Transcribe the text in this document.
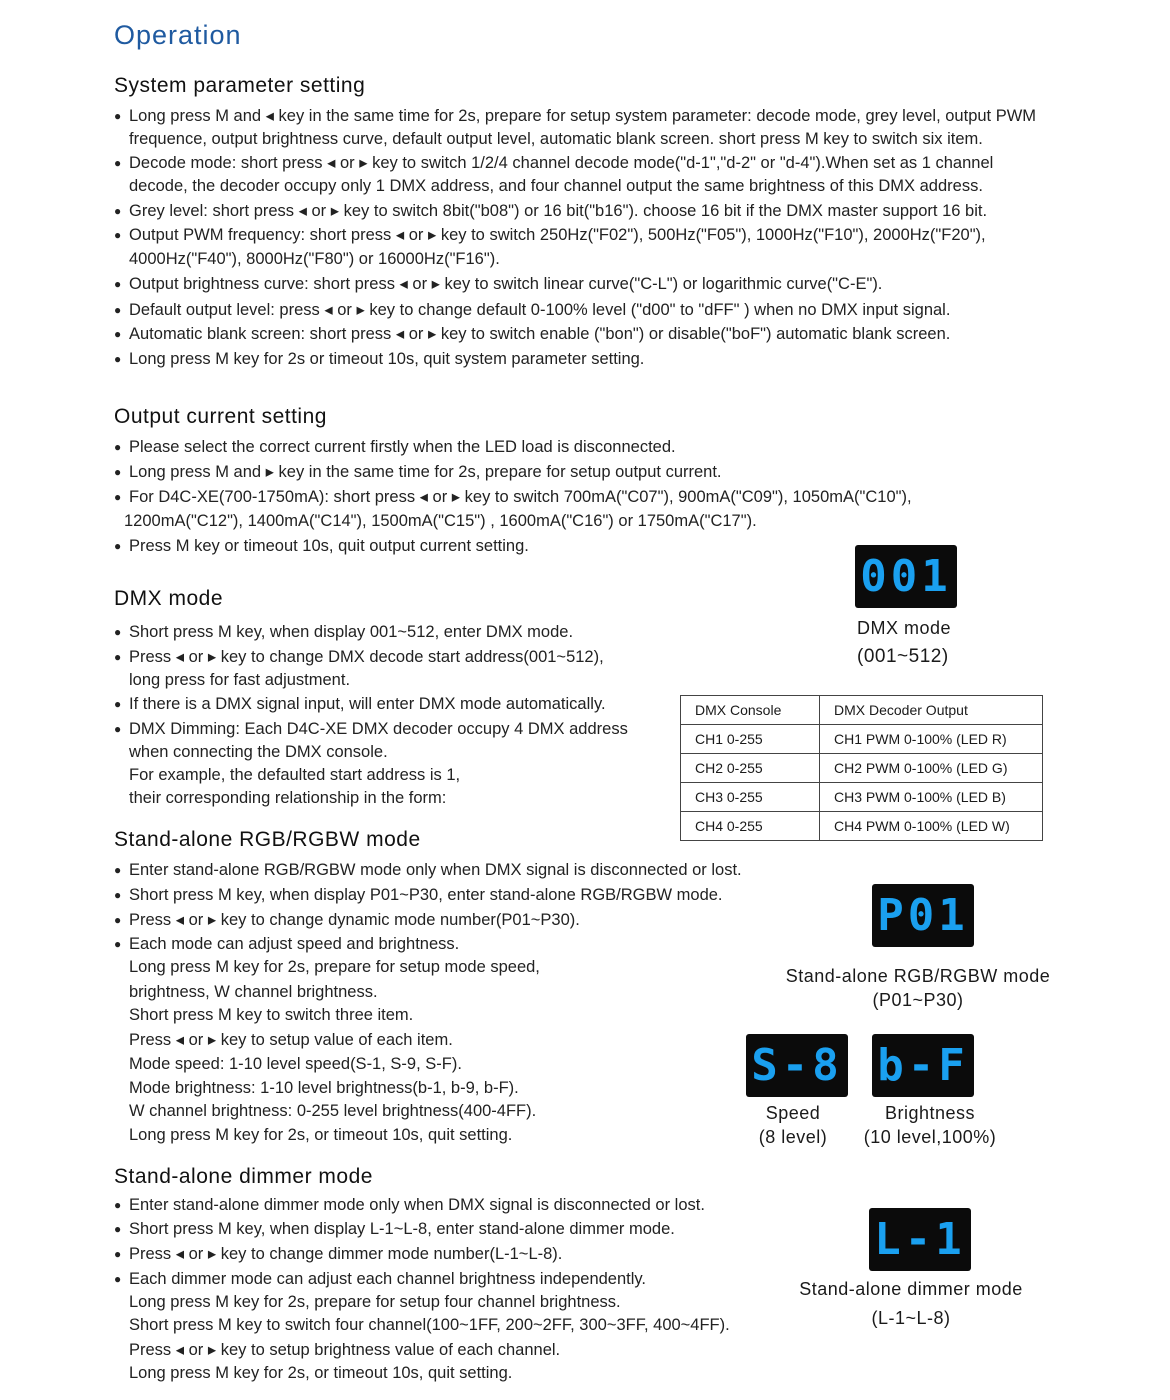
Operation
System parameter setting
● Long press M and ◂ key in the same time for 2s, prepare for setup system parameter: decode mode, grey level, output PWM
frequence, output brightness curve, default output level, automatic blank screen. short press M key to switch six item.
● Decode mode: short press ◂ or ▸ key to switch 1/2/4 channel decode mode("d-1","d-2" or "d-4").When set as 1 channel
decode, the decoder occupy only 1 DMX address, and four channel output the same brightness of this DMX address.
● Grey level: short press ◂ or ▸ key to switch 8bit("b08") or 16 bit("b16"). choose 16 bit if the DMX master support 16 bit.
● Output PWM frequency: short press ◂ or ▸ key to switch 250Hz("F02"), 500Hz("F05"), 1000Hz("F10"), 2000Hz("F20"),
4000Hz("F40"), 8000Hz("F80") or 16000Hz("F16").
● Output brightness curve: short press ◂ or ▸ key to switch linear curve("C-L") or logarithmic curve("C-E").
● Default output level: press ◂ or ▸ key to change default 0-100% level ("d00" to "dFF" ) when no DMX input signal.
● Automatic blank screen: short press ◂ or ▸ key to switch enable ("bon") or disable("boF") automatic blank screen.
● Long press M key for 2s or timeout 10s, quit system parameter setting.
Output current setting
● Please select the correct current firstly when the LED load is disconnected.
● Long press M and ▸ key in the same time for 2s, prepare for setup output current.
● For D4C-XE(700-1750mA): short press ◂ or ▸ key to switch 700mA("C07"), 900mA("C09"), 1050mA("C10"),
1200mA("C12"), 1400mA("C14"), 1500mA("C15") , 1600mA("C16") or 1750mA("C17").
● Press M key or timeout 10s, quit output current setting.
DMX mode
● Short press M key, when display 001~512, enter DMX mode.
● Press ◂ or ▸ key to change DMX decode start address(001~512),
long press for fast adjustment.
● If there is a DMX signal input, will enter DMX mode automatically.
● DMX Dimming: Each D4C-XE DMX decoder occupy 4 DMX address
when connecting the DMX console.
For example, the defaulted start address is 1,
their corresponding relationship in the form:
001
DMX mode
(001~512)
DMX Console	DMX Decoder Output
CH1 0-255	CH1 PWM 0-100% (LED R)
CH2 0-255	CH2 PWM 0-100% (LED G)
CH3 0-255	CH3 PWM 0-100% (LED B)
CH4 0-255	CH4 PWM 0-100% (LED W)
Stand-alone RGB/RGBW mode
● Enter stand-alone RGB/RGBW mode only when DMX signal is disconnected or lost.
● Short press M key, when display P01~P30, enter stand-alone RGB/RGBW mode.
● Press ◂ or ▸ key to change dynamic mode number(P01~P30).
● Each mode can adjust speed and brightness.
Long press M key for 2s, prepare for setup mode speed,
brightness, W channel brightness.
Short press M key to switch three item.
Press ◂ or ▸ key to setup value of each item.
Mode speed: 1-10 level speed(S-1, S-9, S-F).
Mode brightness: 1-10 level brightness(b-1, b-9, b-F).
W channel brightness: 0-255 level brightness(400-4FF).
Long press M key for 2s, or timeout 10s, quit setting.
P01
Stand-alone RGB/RGBW mode
(P01~P30)
S-8 b-F
Speed
(8 level)
Brightness
(10 level,100%)
Stand-alone dimmer mode
● Enter stand-alone dimmer mode only when DMX signal is disconnected or lost.
● Short press M key, when display L-1~L-8, enter stand-alone dimmer mode.
● Press ◂ or ▸ key to change dimmer mode number(L-1~L-8).
● Each dimmer mode can adjust each channel brightness independently.
Long press M key for 2s, prepare for setup four channel brightness.
Short press M key to switch four channel(100~1FF, 200~2FF, 300~3FF, 400~4FF).
Press ◂ or ▸ key to setup brightness value of each channel.
Long press M key for 2s, or timeout 10s, quit setting.
L-1
Stand-alone dimmer mode
(L-1~L-8)
